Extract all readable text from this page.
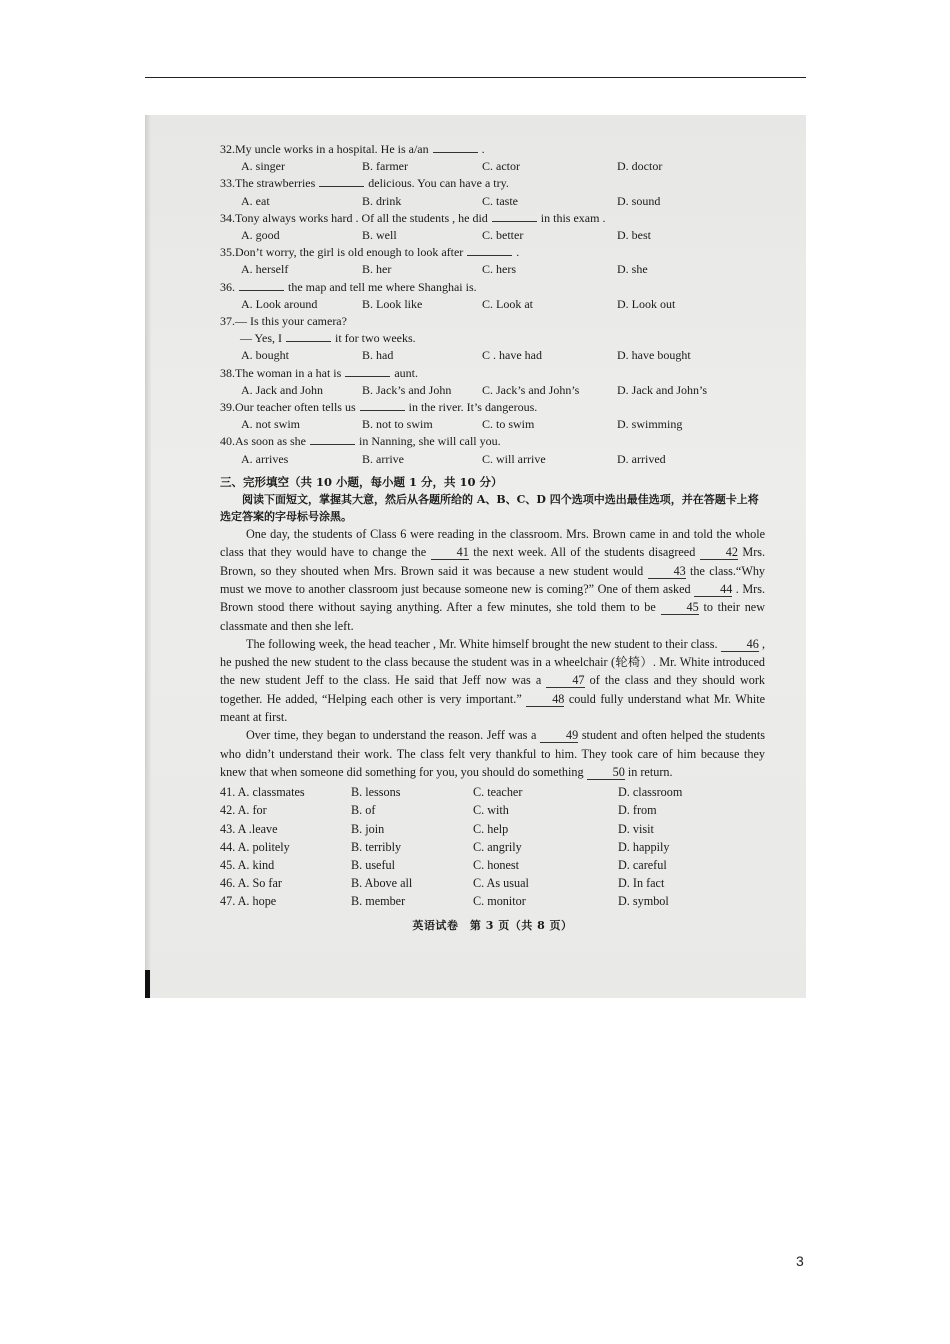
32. My uncle works in a hospital. He is a/an	.
A. singer	B. farmer	C. actor	D. doctor
33. The strawberries	delicious. You can have a try.
A. eat	B. drink	C. taste	D. sound
34. Tony always works hard . Of all the students , he did	in this exam .
A. good	B. well	C. better	D. best
35. Don’t worry, the girl is old enough to look after	.
A. herself	B. her	C. hers	D. she
36.	the map and tell me where Shanghai is.
A. Look around	B. Look like	C. Look at	D. Look out
37. — Is this your camera?
— Yes, I	it for two weeks.
A. bought	B. had	C . have had	D. have bought
38. The woman in a hat is	aunt.
A. Jack and John	B. Jack’s and John	C. Jack’s and John’s	D. Jack and John’s
39. Our teacher often tells us	in the river. It’s dangerous.
A. not swim	B. not to swim	C. to swim	D. swimming
40. As soon as she	in Nanning, she will call you.
A. arrives	B. arrive	C. will arrive	D. arrived
三、完形填空（共 10 小题，每小题 1 分，共 10 分）
阅读下面短文，掌握其大意，然后从各题所给的 A、B、C、D 四个选项中选出最佳选项，并在答题卡上将选定答案的字母标号涂黑。
One day, the students of Class 6 were reading in the classroom. Mrs. Brown came in and told the whole class that they would have to change the 41 the next week. All of the students disagreed 42 Mrs. Brown, so they shouted when Mrs. Brown said it was because a new student would 43 the class.“Why must we move to another classroom just because someone new is coming?” One of them asked 44 . Mrs. Brown stood there without saying anything. After a few minutes, she told them to be	45 to their new classmate and then she left.
The following week, the head teacher , Mr. White himself brought the new student to their class. 46 , he pushed the new student to the class because the student was in a wheelchair (轮椅）. Mr. White introduced the new student Jeff to the class. He said that Jeff now was a	47 of the class and they should work together. He added, “Helping each other is very important.” 48 could fully understand what Mr. White meant at first.
Over time, they began to understand the reason. Jeff was a 49 student and often helped the students who didn’t understand their work. The class felt very thankful to him. They took care of him because they knew that when someone did something for you, you should do something 50 in return.
41. A. classmates	B. lessons	C. teacher	D. classroom
42. A. for	B. of	C. with	D. from
43. A .leave	B. join	C. help	D. visit
44. A. politely	B. terribly	C. angrily	D. happily
45. A. kind	B. useful	C. honest	D. careful
46. A. So far	B. Above all	C. As usual	D. In fact
47. A. hope	B. member	C. monitor	D. symbol
英语试卷　第 3 页（共 8 页）
3
